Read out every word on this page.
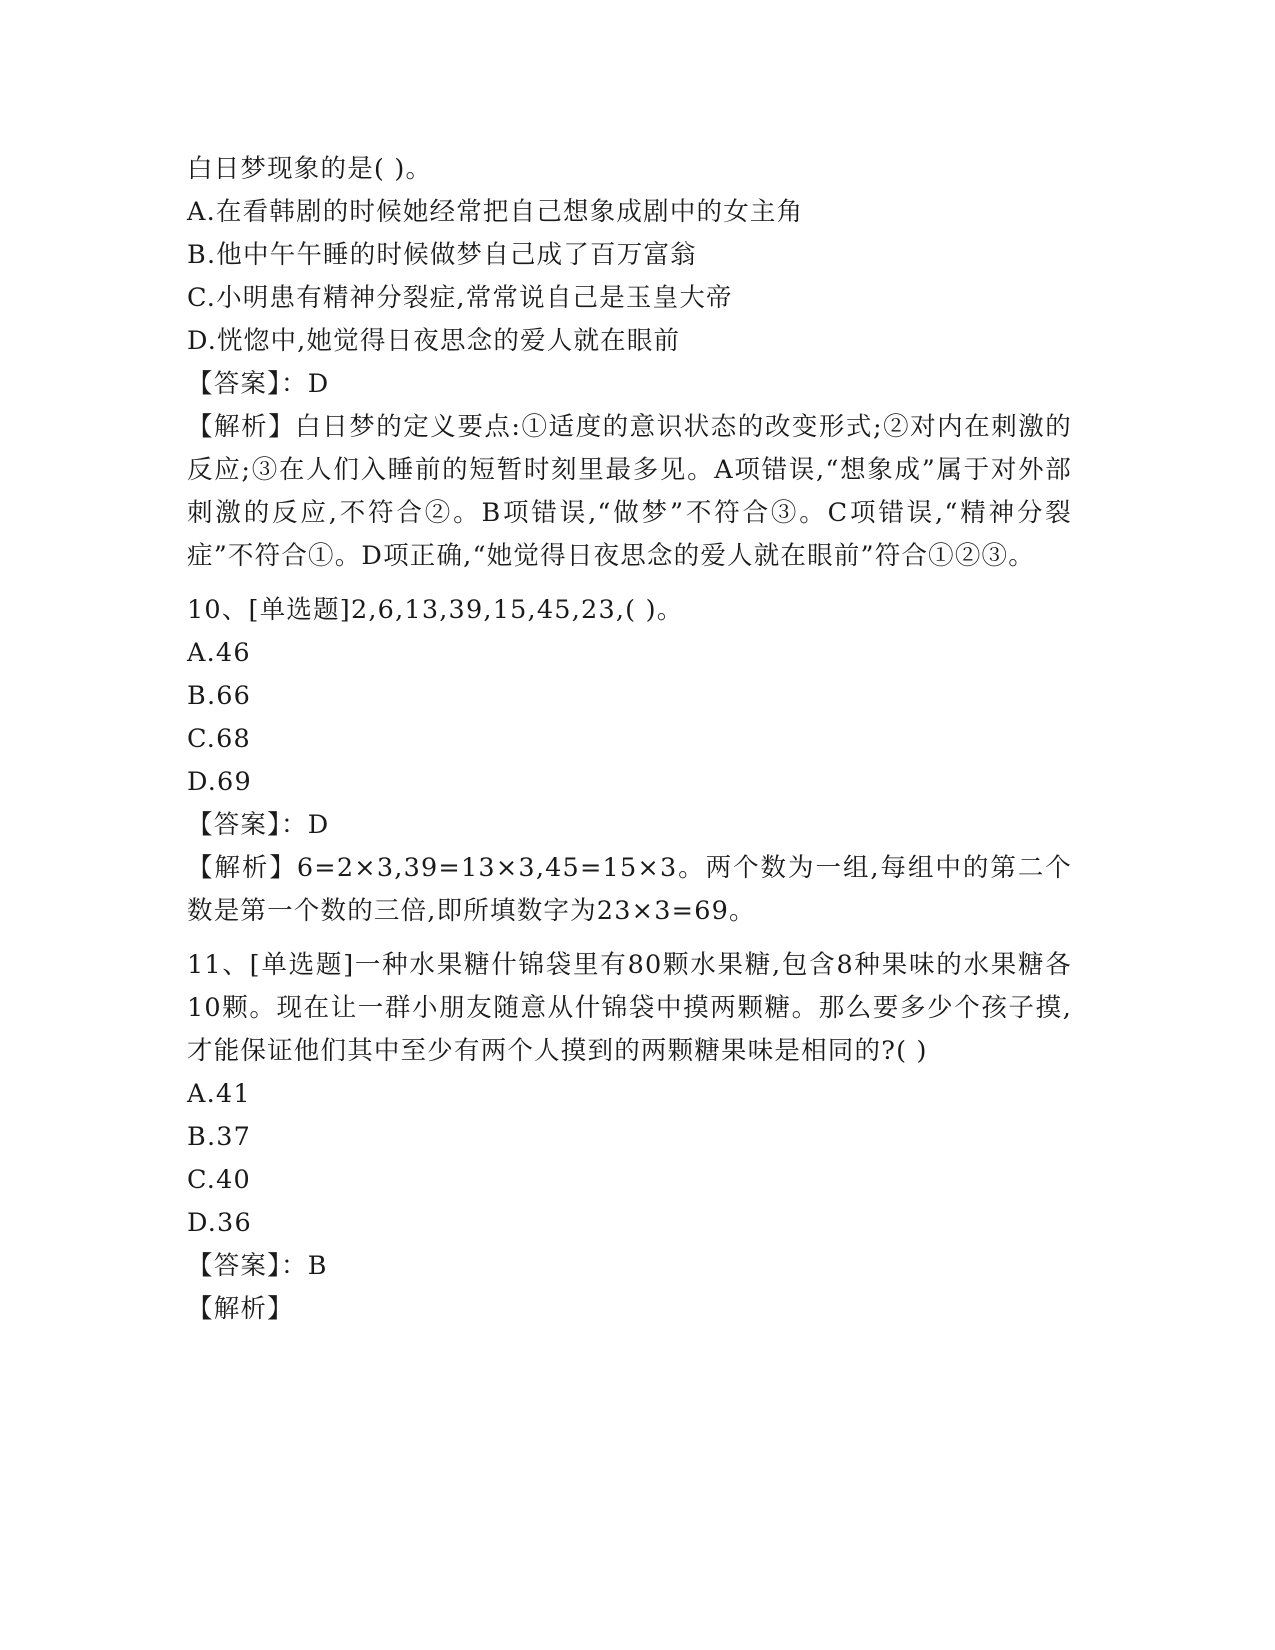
白日梦现象的是( )。
A.在看韩剧的时候她经常把自己想象成剧中的女主角
B.他中午午睡的时候做梦自己成了百万富翁
C.小明患有精神分裂症,常常说自己是玉皇大帝
D.恍惚中,她觉得日夜思念的爱人就在眼前
【答案】：D
【解析】白日梦的定义要点:①适度的意识状态的改变形式;②对内在刺激的反应;③在人们入睡前的短暂时刻里最多见。A项错误,“想象成”属于对外部刺激的反应,不符合②。B项错误,“做梦”不符合③。C项错误,“精神分裂症”不符合①。D项正确,“她觉得日夜思念的爱人就在眼前”符合①②③。
10、[单选题]2,6,13,39,15,45,23,( )。
A.46
B.66
C.68
D.69
【答案】：D
【解析】6=2×3,39=13×3,45=15×3。两个数为一组,每组中的第二个数是第一个数的三倍,即所填数字为23×3=69。
11、[单选题]一种水果糖什锦袋里有80颗水果糖,包含8种果味的水果糖各10颗。现在让一群小朋友随意从什锦袋中摸两颗糖。那么要多少个孩子摸,才能保证他们其中至少有两个人摸到的两颗糖果味是相同的?( )
A.41
B.37
C.40
D.36
【答案】：B
【解析】
